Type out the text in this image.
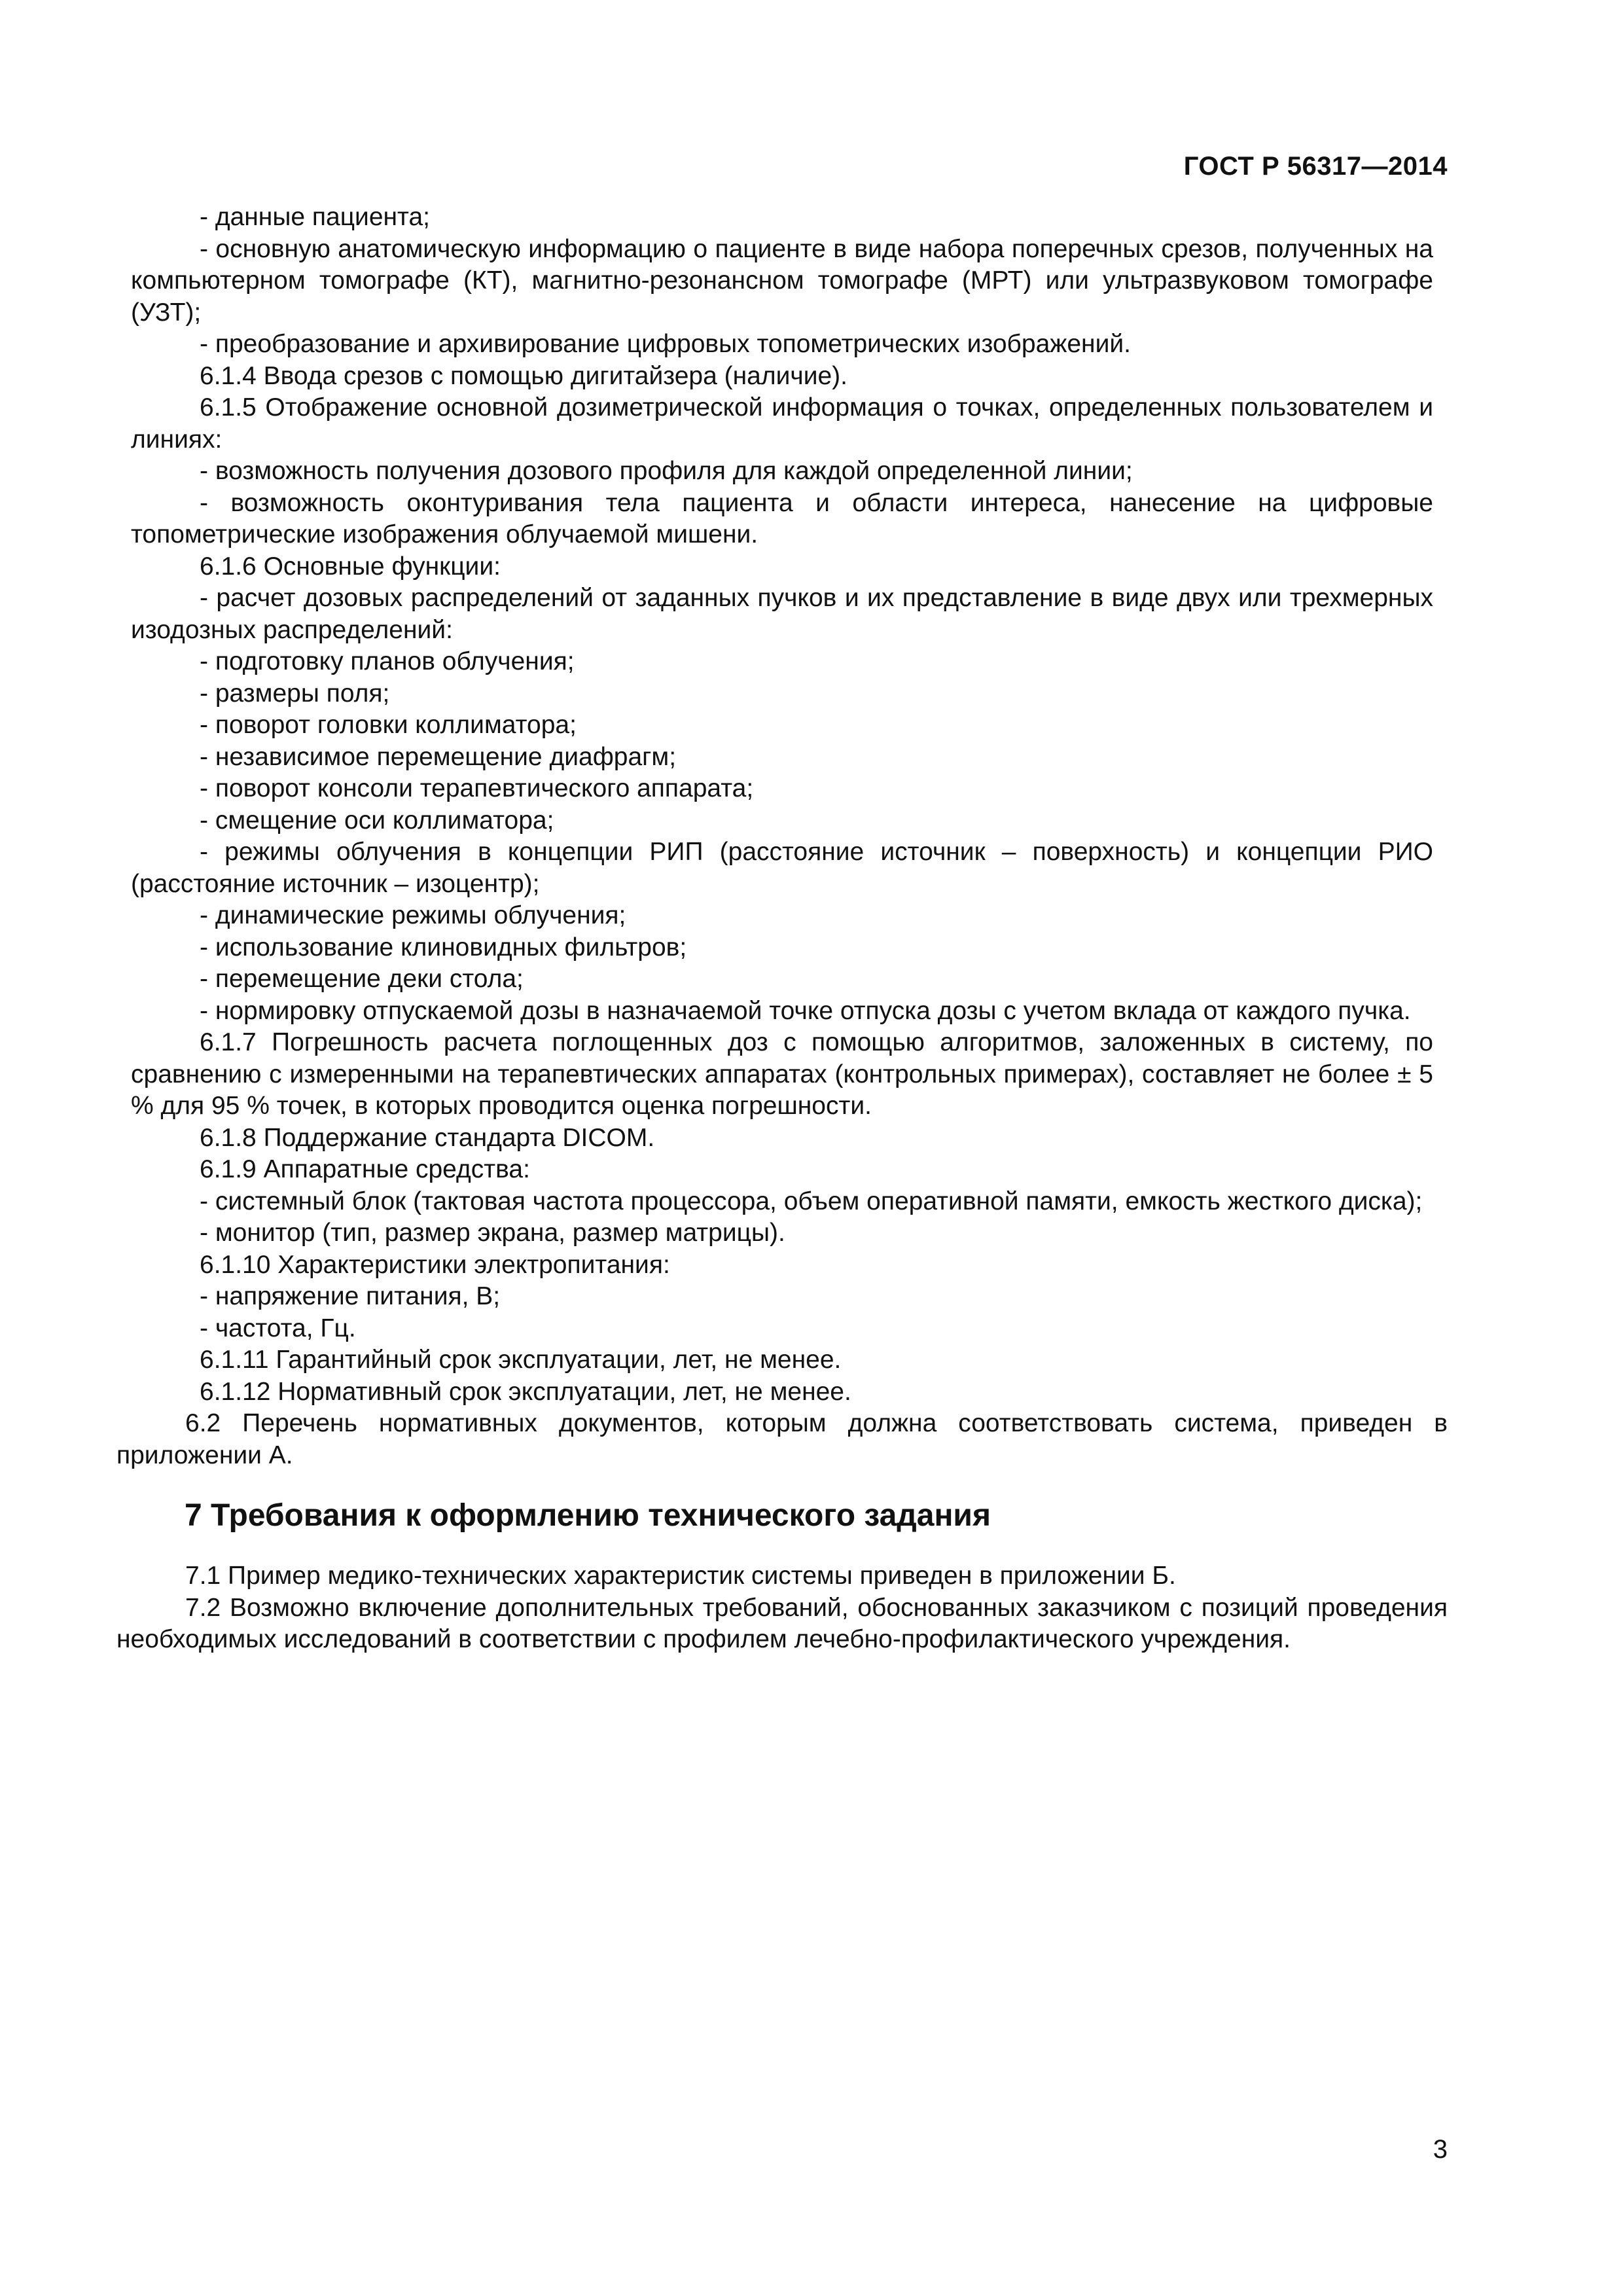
ГОСТ Р 56317—2014

- данные пациента;

- основную анатомическую информацию о пациенте в виде набора поперечных срезов, полученных на компьютерном томографе (КТ), магнитно-резонансном томографе (МРТ) или ультразвуковом томографе (УЗТ);

- преобразование и архивирование цифровых топометрических изображений.

6.1.4 Ввода срезов с помощью дигитайзера (наличие).

6.1.5 Отображение основной дозиметрической информация о точках, определенных пользователем и линиях:

- возможность получения дозового профиля для каждой определенной линии;

- возможность оконтуривания тела пациента и области интереса, нанесение на цифровые топометрические изображения облучаемой мишени.

6.1.6 Основные функции:

- расчет дозовых распределений от заданных пучков и их представление в виде двух или трехмерных изодозных распределений:

- подготовку планов облучения;

- размеры поля;

- поворот головки коллиматора;

- независимое перемещение диафрагм;

- поворот консоли терапевтического аппарата;

- смещение оси коллиматора;

- режимы облучения в концепции РИП (расстояние источник – поверхность) и концепции РИО (расстояние источник – изоцентр);

- динамические режимы облучения;

- использование клиновидных фильтров;

- перемещение деки стола;

- нормировку отпускаемой дозы в назначаемой точке отпуска дозы с учетом вклада от каждого пучка.

6.1.7 Погрешность расчета поглощенных доз с помощью алгоритмов, заложенных в систему, по сравнению с измеренными на терапевтических аппаратах (контрольных примерах), составляет не более ± 5 % для 95 % точек, в которых проводится оценка погрешности.

6.1.8 Поддержание стандарта DICOM.

6.1.9 Аппаратные средства:

- системный блок (тактовая частота процессора, объем оперативной памяти, емкость жесткого диска);

- монитор (тип, размер экрана, размер матрицы).

6.1.10 Характеристики электропитания:

- напряжение питания, В;

- частота, Гц.

6.1.11 Гарантийный срок эксплуатации, лет, не менее.

6.1.12 Нормативный срок эксплуатации, лет, не менее.

6.2 Перечень нормативных документов, которым должна соответствовать система, приведен в приложении А.

7 Требования к оформлению технического задания

7.1 Пример медико-технических характеристик системы приведен в приложении Б.

7.2 Возможно включение дополнительных требований, обоснованных заказчиком с позиций проведения необходимых исследований в соответствии с профилем лечебно-профилактического учреждения.

3
